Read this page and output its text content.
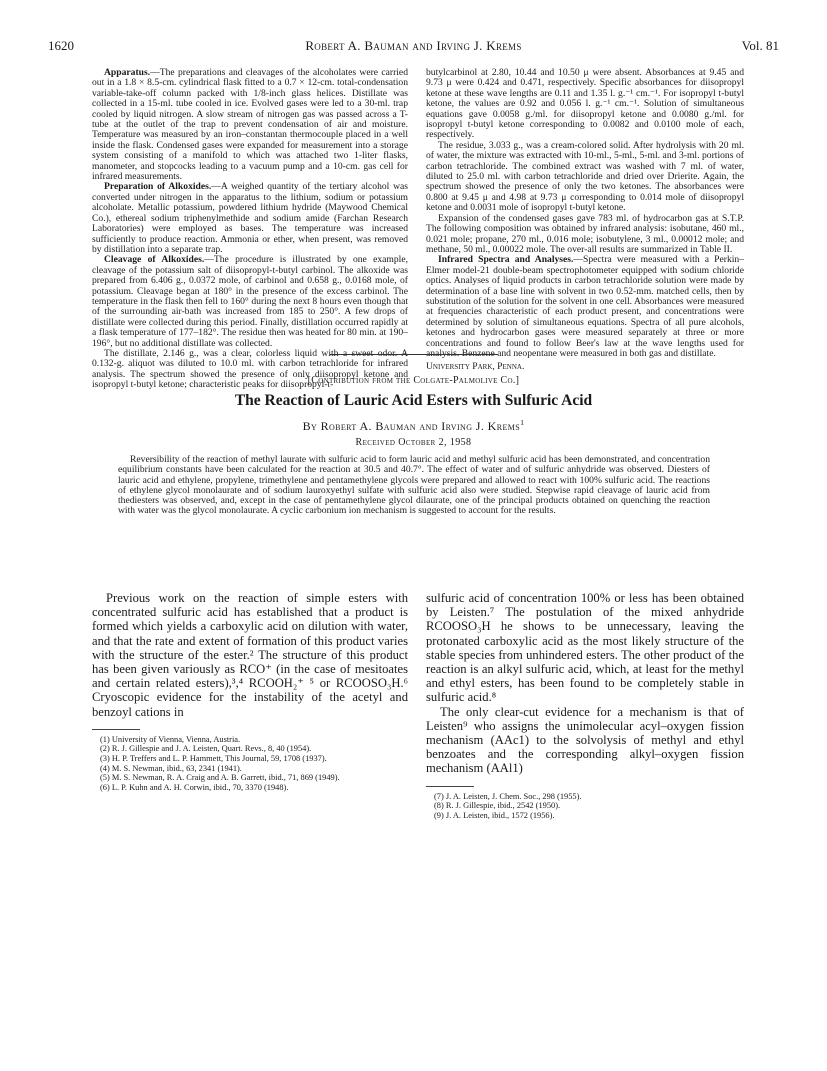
1620	Robert A. Bauman and Irving J. Krems	Vol. 81

Apparatus.—The preparations and cleavages of the alcoholates were carried out in a 1.8 × 8.5-cm. cylindrical flask fitted to a 0.7 × 12-cm. total-condensation variable-take-off column packed with 1/8-inch glass helices. Distillate was collected in a 15-ml. tube cooled in ice. Evolved gases were led to a 30-ml. trap cooled by liquid nitrogen. A slow stream of nitrogen gas was passed across a T-tube at the outlet of the trap to prevent condensation of air and moisture. Temperature was measured by an iron–constantan thermocouple placed in a well inside the flask. Condensed gases were expanded for measurement into a storage system consisting of a manifold to which was attached two 1-liter flasks, manometer, and stopcocks leading to a vacuum pump and a 10-cm. gas cell for infrared measurements.

Preparation of Alkoxides.—A weighed quantity of the tertiary alcohol was converted under nitrogen in the apparatus to the lithium, sodium or potassium alcoholate. Metallic potassium, powdered lithium hydride (Maywood Chemical Co.), ethereal sodium triphenylmethide and sodium amide (Farchan Research Laboratories) were employed as bases. The temperature was increased sufficiently to produce reaction. Ammonia or ether, when present, was removed by distillation into a separate trap.

Cleavage of Alkoxides.—The procedure is illustrated by one example, cleavage of the potassium salt of diisopropyl-t-butyl carbinol. The alkoxide was prepared from 6.406 g., 0.0372 mole, of carbinol and 0.658 g., 0.0168 mole, of potassium. Cleavage began at 180° in the presence of the excess carbinol. The temperature in the flask then fell to 160° during the next 8 hours even though that of the surrounding air-bath was increased from 185 to 250°. A few drops of distillate were collected during this period. Finally, distillation occurred rapidly at a flask temperature of 177–182°. The residue then was heated for 80 min. at 190–196°, but no additional distillate was collected.

The distillate, 2.146 g., was a clear, colorless liquid with a sweet odor. A 0.132-g. aliquot was diluted to 10.0 ml. with carbon tetrachloride for infrared analysis. The spectrum showed the presence of only diisopropyl ketone and isopropyl t-butyl ketone; characteristic peaks for diisopropyl-t-

butylcarbinol at 2.80, 10.44 and 10.50 μ were absent. Absorbances at 9.45 and 9.73 μ were 0.424 and 0.471, respectively. Specific absorbances for diisopropyl ketone at these wave lengths are 0.11 and 1.35 l. g.⁻¹ cm.⁻¹. For isopropyl t-butyl ketone, the values are 0.92 and 0.056 l. g.⁻¹ cm.⁻¹. Solution of simultaneous equations gave 0.0058 g./ml. for diisopropyl ketone and 0.0080 g./ml. for isopropyl t-butyl ketone corresponding to 0.0082 and 0.0100 mole of each, respectively.

The residue, 3.033 g., was a cream-colored solid. After hydrolysis with 20 ml. of water, the mixture was extracted with 10-ml., 5-ml., 5-ml. and 3-ml. portions of carbon tetrachloride. The combined extract was washed with 7 ml. of water, diluted to 25.0 ml. with carbon tetrachloride and dried over Drierite. Again, the spectrum showed the presence of only the two ketones. The absorbances were 0.800 at 9.45 μ and 4.98 at 9.73 μ corresponding to 0.014 mole of diisopropyl ketone and 0.0031 mole of isopropyl t-butyl ketone.

Expansion of the condensed gases gave 783 ml. of hydrocarbon gas at S.T.P. The following composition was obtained by infrared analysis: isobutane, 460 ml., 0.021 mole; propane, 270 ml., 0.016 mole; isobutylene, 3 ml., 0.00012 mole; and methane, 50 ml., 0.00022 mole. The over-all results are summarized in Table II.

Infrared Spectra and Analyses.—Spectra were measured with a Perkin–Elmer model-21 double-beam spectrophotometer equipped with sodium chloride optics. Analyses of liquid products in carbon tetrachloride solution were made by determination of a base line with solvent in two 0.52-mm. matched cells, then by substitution of the solution for the solvent in one cell. Absorbances were measured at frequencies characteristic of each product present, and concentrations were determined by solution of simultaneous equations. Spectra of all pure alcohols, ketones and hydrocarbon gases were measured separately at three or more concentrations and found to follow Beer's law at the wave lengths used for analysis. Benzene and neopentane were measured in both gas and distillate.

University Park, Penna.
[Contribution from the Colgate-Palmolive Co.]
The Reaction of Lauric Acid Esters with Sulfuric Acid
By Robert A. Bauman and Irving J. Krems$^1$
Received October 2, 1958
Reversibility of the reaction of methyl laurate with sulfuric acid to form lauric acid and methyl sulfuric acid has been demonstrated, and concentration equilibrium constants have been calculated for the reaction at 30.5 and 40.7°. The effect of water and of sulfuric anhydride was observed. Diesters of lauric acid and ethylene, propylene, trimethylene and pentamethylene glycols were prepared and allowed to react with 100% sulfuric acid. The reactions of ethylene glycol monolaurate and of sodium lauroxyethyl sulfate with sulfuric acid also were studied. Stepwise rapid cleavage of lauric acid from thediesters was observed, and, except in the case of pentamethylene glycol dilaurate, one of the principal products obtained on quenching the reaction with water was the glycol monolaurate. A cyclic carbonium ion mechanism is suggested to account for the results.

Previous work on the reaction of simple esters with concentrated sulfuric acid has established that a product is formed which yields a carboxylic acid on dilution with water, and that the rate and extent of formation of this product varies with the structure of the ester.² The structure of this product has been given variously as RCO⁺ (in the case of mesitoates and certain related esters),³,⁴ RCOOH₂⁺ ⁵ or RCOOSO₃H.⁶ Cryoscopic evidence for the instability of the acetyl and benzoyl cations in

(1) University of Vienna, Vienna, Austria.
(2) R. J. Gillespie and J. A. Leisten, Quart. Revs., 8, 40 (1954).
(3) H. P. Treffers and L. P. Hammett, This Journal, 59, 1708 (1937).
(4) M. S. Newman, ibid., 63, 2341 (1941).
(5) M. S. Newman, R. A. Craig and A. B. Garrett, ibid., 71, 869 (1949).
(6) L. P. Kuhn and A. H. Corwin, ibid., 70, 3370 (1948).

sulfuric acid of concentration 100% or less has been obtained by Leisten.⁷ The postulation of the mixed anhydride RCOOSO₃H he shows to be unnecessary, leaving the protonated carboxylic acid as the most likely structure of the stable species from unhindered esters. The other product of the reaction is an alkyl sulfuric acid, which, at least for the methyl and ethyl esters, has been found to be completely stable in sulfuric acid.⁸

The only clear-cut evidence for a mechanism is that of Leisten⁹ who assigns the unimolecular acyl–oxygen fission mechanism (AAc1) to the solvolysis of methyl and ethyl benzoates and the corresponding alkyl–oxygen fission mechanism (AAl1)

(7) J. A. Leisten, J. Chem. Soc., 298 (1955).
(8) R. J. Gillespie, ibid., 2542 (1950).
(9) J. A. Leisten, ibid., 1572 (1956).
